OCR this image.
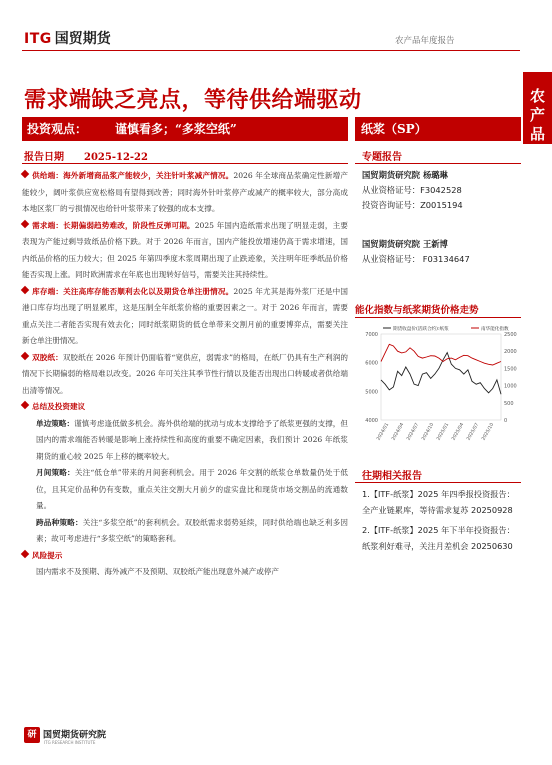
ITG 国贸期货	农产品年度报告
农产品
需求端缺乏亮点，等待供给端驱动
投资观点： 谨慎看多；“多浆空纸”	纸浆（SP）
报告日期 2025-12-22	专题报告

供给端：海外新增商品浆产能较少，关注针叶浆减产情况。2026 年全球商品浆确定性新增产能较少，阔叶浆供应宽松格局有望得到改善；同时海外针叶浆停产或减产的概率较大，部分高成本地区浆厂的亏损情况也给针叶浆带来了较强的成本支撑。

需求端：长期偏弱趋势难改，阶段性反弹可期。2025 年国内造纸需求出现了明显走弱，主要表现为产能过剩导致纸品价格下跌。对于 2026 年而言，国内产能投放增速仍高于需求增速，国内纸品价格的压力较大；但 2025 年第四季度木浆周期出现了止跌迹象，关注明年旺季纸品价格能否实现上涨。同时欧洲需求在年底也出现转好信号，需要关注其持续性。

库存端：关注高库存能否顺利去化以及期货仓单注册情况。2025 年尤其是海外浆厂还是中国港口库存均出现了明显累库，这是压制全年纸浆价格的重要因素之一。对于 2026 年而言，需要重点关注二者能否实现有效去化；同时纸浆期货的低仓单带来交割月前的重要博弈点，需要关注新仓单注册情况。

双胶纸：双胶纸在 2026 年预计仍面临着“宽供应，弱需求”的格局，在纸厂仍具有生产利润的情况下长期偏弱的格局难以改变。2026 年可关注其季节性行情以及能否出现出口转暖或者供给端出清等情况。

总结及投资建议

单边策略：谨慎考虑逢低做多机会。海外供给端的扰动与成本支撑给予了纸浆更强的支撑，但国内的需求端能否转暖是影响上涨持续性和高度的重要不确定因素，我们预计 2026 年纸浆期货的重心较 2025 年上移的概率较大。

月间策略：关注“低仓单”带来的月间套利机会。用于 2026 年交割的纸浆仓单数量仍处于低位，且其定价品种仍有变数，重点关注交割大月前夕的虚实盘比和现货市场交割品的流通数量。

跨品种策略：关注“多浆空纸”的套利机会。双胶纸需求弱势延续，同时供给端也缺乏利多因素；故可考虑进行“多浆空纸”的策略套利。

风险提示

国内需求不及预期、海外减产不及预期、双胶纸产能出现意外减产或停产

国贸期货研究院 杨璐琳
从业资格证号：F3042528
投资咨询证号：Z0015194
国贸期货研究院 王新博
从业资格证号： F03134647
能化指数与纸浆期货价格走势
4000
5000
6000
7000
0
500
1000
1500
2000
2500
2024/01 2024/04 2024/07 2024/10 2025/01 2025/04 2025/07 2025/10
期货收盘价(活跃合约):纸浆	南华能化指数
往期相关报告
1.【ITF-纸浆】2025 年四季报投资报告：全产业链累库，等待需求复苏 20250928
2.【ITF-纸浆】2025 年下半年投资报告：纸浆利好难寻，关注月差机会 20250630
研 国贸期货研究院
ITG RESEARCH INSTITUTE
